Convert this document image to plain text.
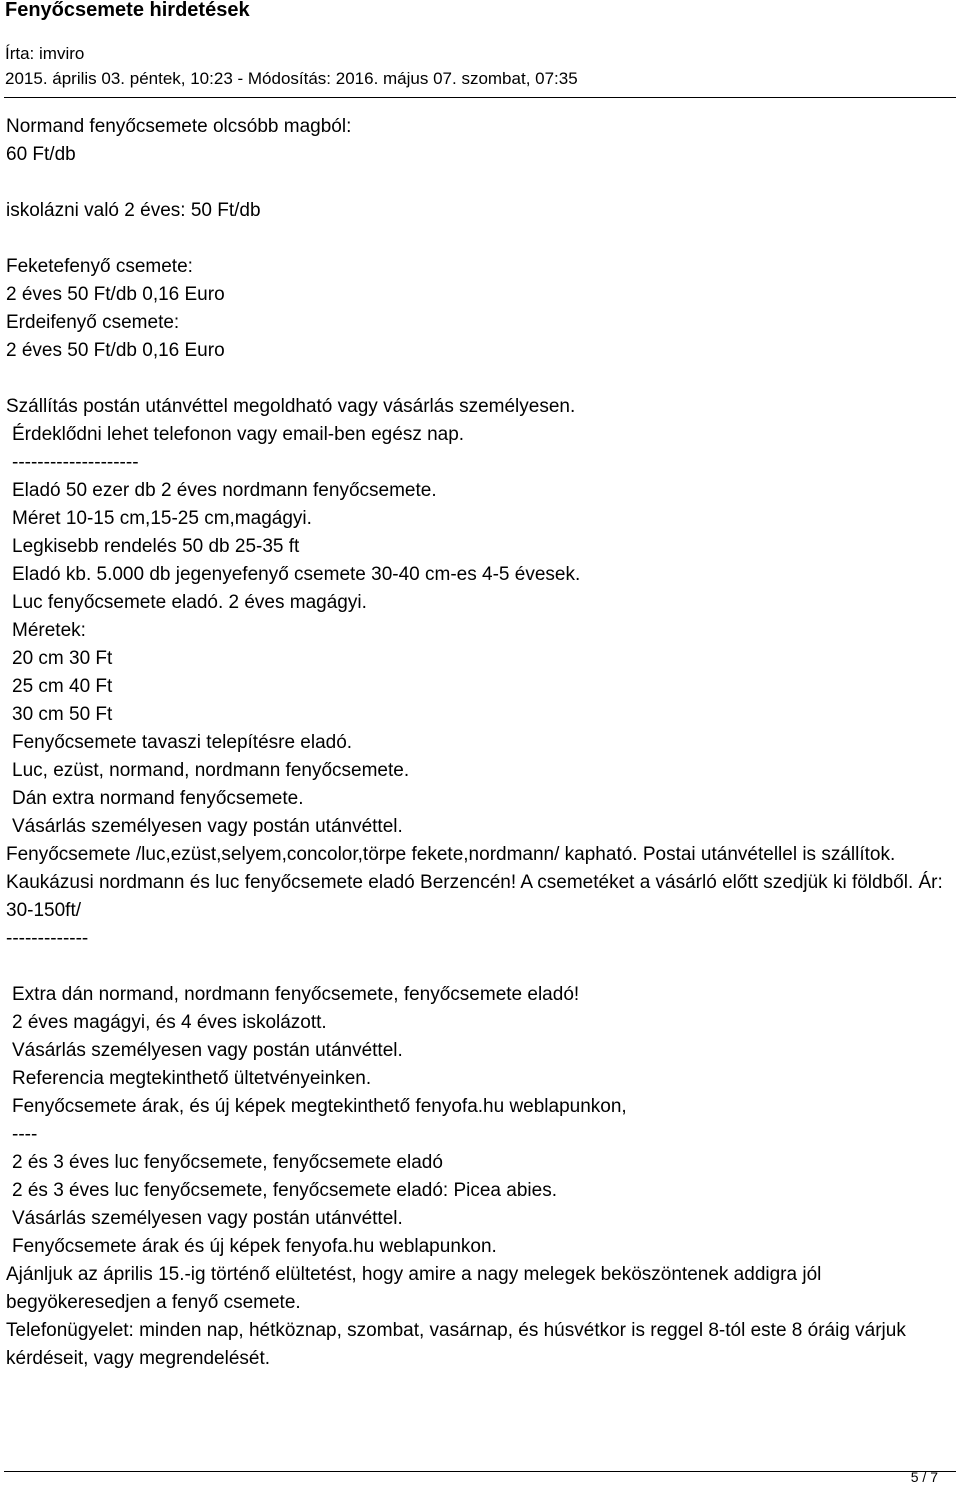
Fenyőcsemete hirdetések
Írta: imviro
2015. április 03. péntek, 10:23 - Módosítás: 2016. május 07. szombat, 07:35
Normand fenyőcsemete olcsóbb magból:
60 Ft/db
iskolázni való 2 éves: 50 Ft/db
Feketefenyő csemete:
2 éves 50 Ft/db 0,16 Euro
Erdeifenyő csemete:
2 éves 50 Ft/db 0,16 Euro
Szállítás postán utánvéttel megoldható vagy vásárlás személyesen.
Érdeklődni lehet telefonon vagy email-ben egész nap.
--------------------
Eladó 50 ezer db 2 éves nordmann fenyőcsemete.
Méret 10-15 cm,15-25 cm,magágyi.
Legkisebb rendelés 50 db 25-35 ft
Eladó kb. 5.000 db jegenyefenyő csemete 30-40 cm-es 4-5 évesek.
Luc fenyőcsemete eladó. 2 éves magágyi.
Méretek:
20 cm 30 Ft
25 cm 40 Ft
30 cm 50 Ft
Fenyőcsemete tavaszi telepítésre eladó.
Luc, ezüst, normand, nordmann fenyőcsemete.
Dán extra normand fenyőcsemete.
Vásárlás személyesen vagy postán utánvéttel.
Fenyőcsemete /luc,ezüst,selyem,concolor,törpe fekete,nordmann/ kapható. Postai utánvétellel is szállítok.
Kaukázusi nordmann és luc fenyőcsemete eladó Berzencén! A csemetéket a vásárló előtt szedjük ki földből. Ár: 30-150ft/
-------------
Extra dán normand, nordmann fenyőcsemete, fenyőcsemete eladó!
2 éves magágyi, és 4 éves iskolázott.
Vásárlás személyesen vagy postán utánvéttel.
Referencia megtekinthető ültetvényeinken.
Fenyőcsemete árak, és új képek megtekinthető fenyofa.hu weblapunkon,
----
2 és 3 éves luc fenyőcsemete, fenyőcsemete eladó
2 és 3 éves luc fenyőcsemete, fenyőcsemete eladó: Picea abies.
Vásárlás személyesen vagy postán utánvéttel.
Fenyőcsemete árak és új képek fenyofa.hu weblapunkon.
Ajánljuk az április 15.-ig történő elültetést, hogy amire a nagy melegek beköszöntenek addigra jól begyökeresedjen a fenyő csemete.
Telefonügyelet: minden nap, hétköznap, szombat, vasárnap, és húsvétkor is reggel 8-tól este 8 óráig várjuk kérdéseit, vagy megrendelését.
5 / 7
